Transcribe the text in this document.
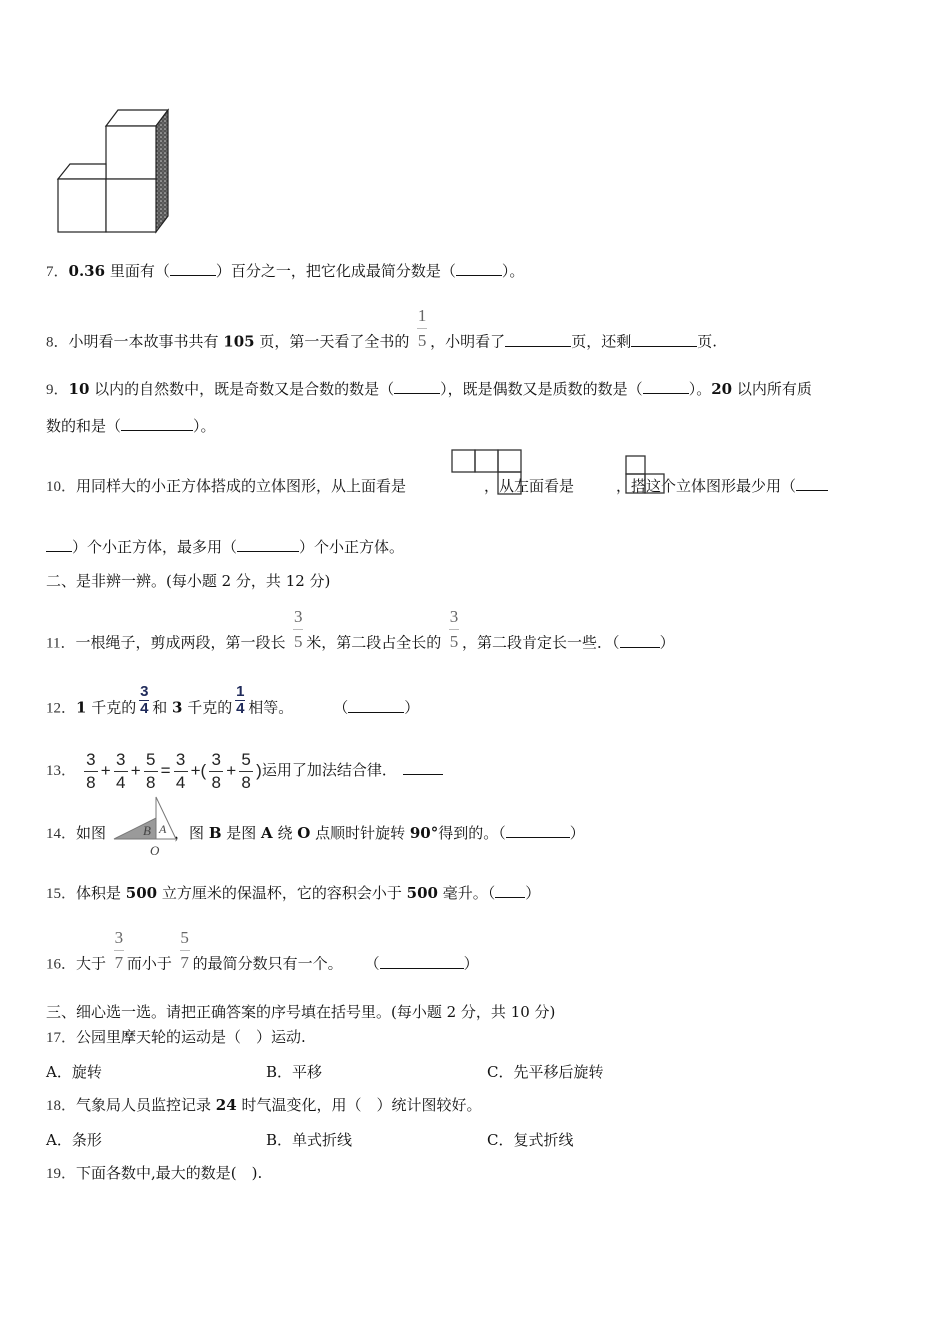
7．0.36 里面有（	）百分之一，把它化成最简分数是（	）。
8．小明看一本故事书共有 105 页，第一天看了全书的 $\frac{1}{5}$ ，小明看了	页，还剩	页.
9．10 以内的自然数中，既是奇数又是合数的数是（	），既是偶数又是质数的数是（	）。20 以内所有质
数的和是（	）。
10．用同样大的小正方体搭成的立体图形，从上面看是	，从左面看是	，搭这个立体图形最少用（
）个小正方体，最多用（	）个小正方体。
二、是非辨一辨。(每小题 2 分，共 12 分)
11．一根绳子，剪成两段，第一段长 $\frac{3}{5}$ 米，第二段占全长的 $\frac{3}{5}$ ，第二段肯定长一些．（	）
12．1 千克的 $\frac{3}{4}$ 和 3 千克的 $\frac{1}{4}$ 相等。	（	）
13． $\frac{3}{8} + \frac{3}{4} + \frac{5}{8} = \frac{3}{4}$ +( $\frac{3}{8} + \frac{5}{8}$ )运用了加法结合律．
14．如图	，图 B 是图 A 绕 O 点顺时针旋转 90°得到的。（	）
B A
O
15．体积是 500 立方厘米的保温杯，它的容积会小于 500 毫升。（ ）
16．大于 $\frac{3}{7}$ 而小于 $\frac{5}{7}$ 的最简分数只有一个。 （	）
三、细心选一选。请把正确答案的序号填在括号里。(每小题 2 分，共 10 分)
17．公园里摩天轮的运动是（　）运动.
A．旋转	B．平移	C．先平移后旋转
18．气象局人员监控记录 24 时气温变化，用（　）统计图较好。
A．条形	B．单式折线	C．复式折线
19．下面各数中,最大的数是(　).
